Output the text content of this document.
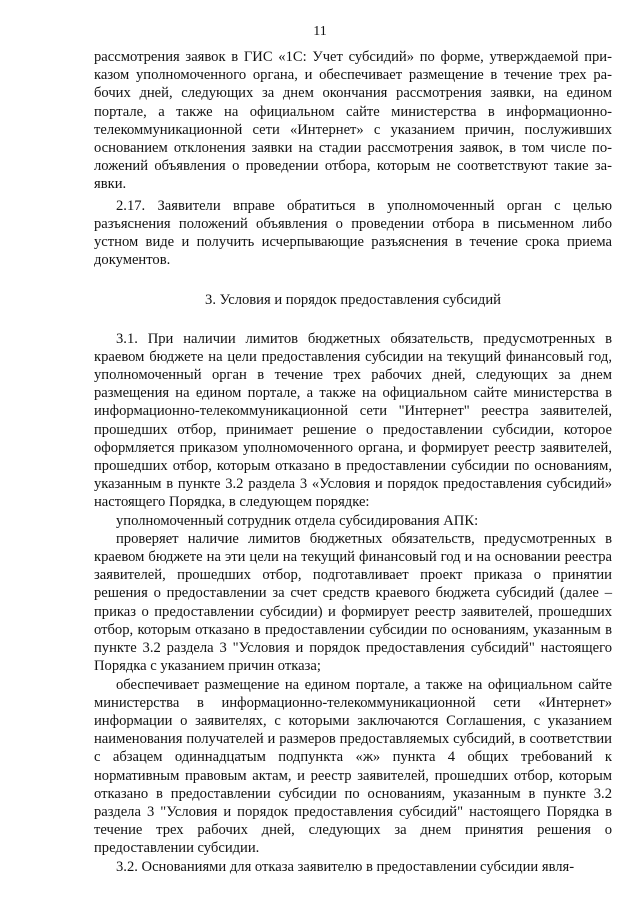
11

рассмотрения заявок в ГИС «1С: Учет субсидий» по форме, утверждаемой приказом уполномоченного органа, и обеспечивает размещение в течение трех рабочих дней, следующих за днем окончания рассмотрения заявки, на едином портале, а также на официальном сайте министерства в информационно-телекоммуникационной сети «Интернет» с указанием причин, послуживших основанием отклонения заявки на стадии рассмотрения заявок, в том числе положений объявления о проведении отбора, которым не соответствуют такие заявки.

2.17. Заявители вправе обратиться в уполномоченный орган с целью разъяснения положений объявления о проведении отбора в письменном либо устном виде и получить исчерпывающие разъяснения в течение срока приема документов.

3. Условия и порядок предоставления субсидий

3.1. При наличии лимитов бюджетных обязательств, предусмотренных в краевом бюджете на цели предоставления субсидии на текущий финансовый год, уполномоченный орган в течение трех рабочих дней, следующих за днем размещения на едином портале, а также на официальном сайте министерства в информационно-телекоммуникационной сети "Интернет" реестра заявителей, прошедших отбор, принимает решение о предоставлении субсидии, которое оформляется приказом уполномоченного органа, и формирует реестр заявителей, прошедших отбор, которым отказано в предоставлении субсидии по основаниям, указанным в пункте 3.2 раздела 3 «Условия и порядок предоставления субсидий» настоящего Порядка, в следующем порядке:

уполномоченный сотрудник отдела субсидирования АПК:

проверяет наличие лимитов бюджетных обязательств, предусмотренных в краевом бюджете на эти цели на текущий финансовый год и на основании реестра заявителей, прошедших отбор, подготавливает проект приказа о принятии решения о предоставлении за счет средств краевого бюджета субсидий (далее – приказ о предоставлении субсидии) и формирует реестр заявителей, прошедших отбор, которым отказано в предоставлении субсидии по основаниям, указанным в пункте 3.2 раздела 3 "Условия и порядок предоставления субсидий" настоящего Порядка с указанием причин отказа;

обеспечивает размещение на едином портале, а также на официальном сайте министерства в информационно-телекоммуникационной сети «Интернет» информации о заявителях, с которыми заключаются Соглашения, с указанием наименования получателей и размеров предоставляемых субсидий, в соответствии с абзацем одиннадцатым подпункта «ж» пункта 4 общих требований к нормативным правовым актам, и реестр заявителей, прошедших отбор, которым отказано в предоставлении субсидии по основаниям, указанным в пункте 3.2 раздела 3 "Условия и порядок предоставления субсидий" настоящего Порядка в течение трех рабочих дней, следующих за днем принятия решения о предоставлении субсидии.

3.2. Основаниями для отказа заявителю в предоставлении субсидии явля-
